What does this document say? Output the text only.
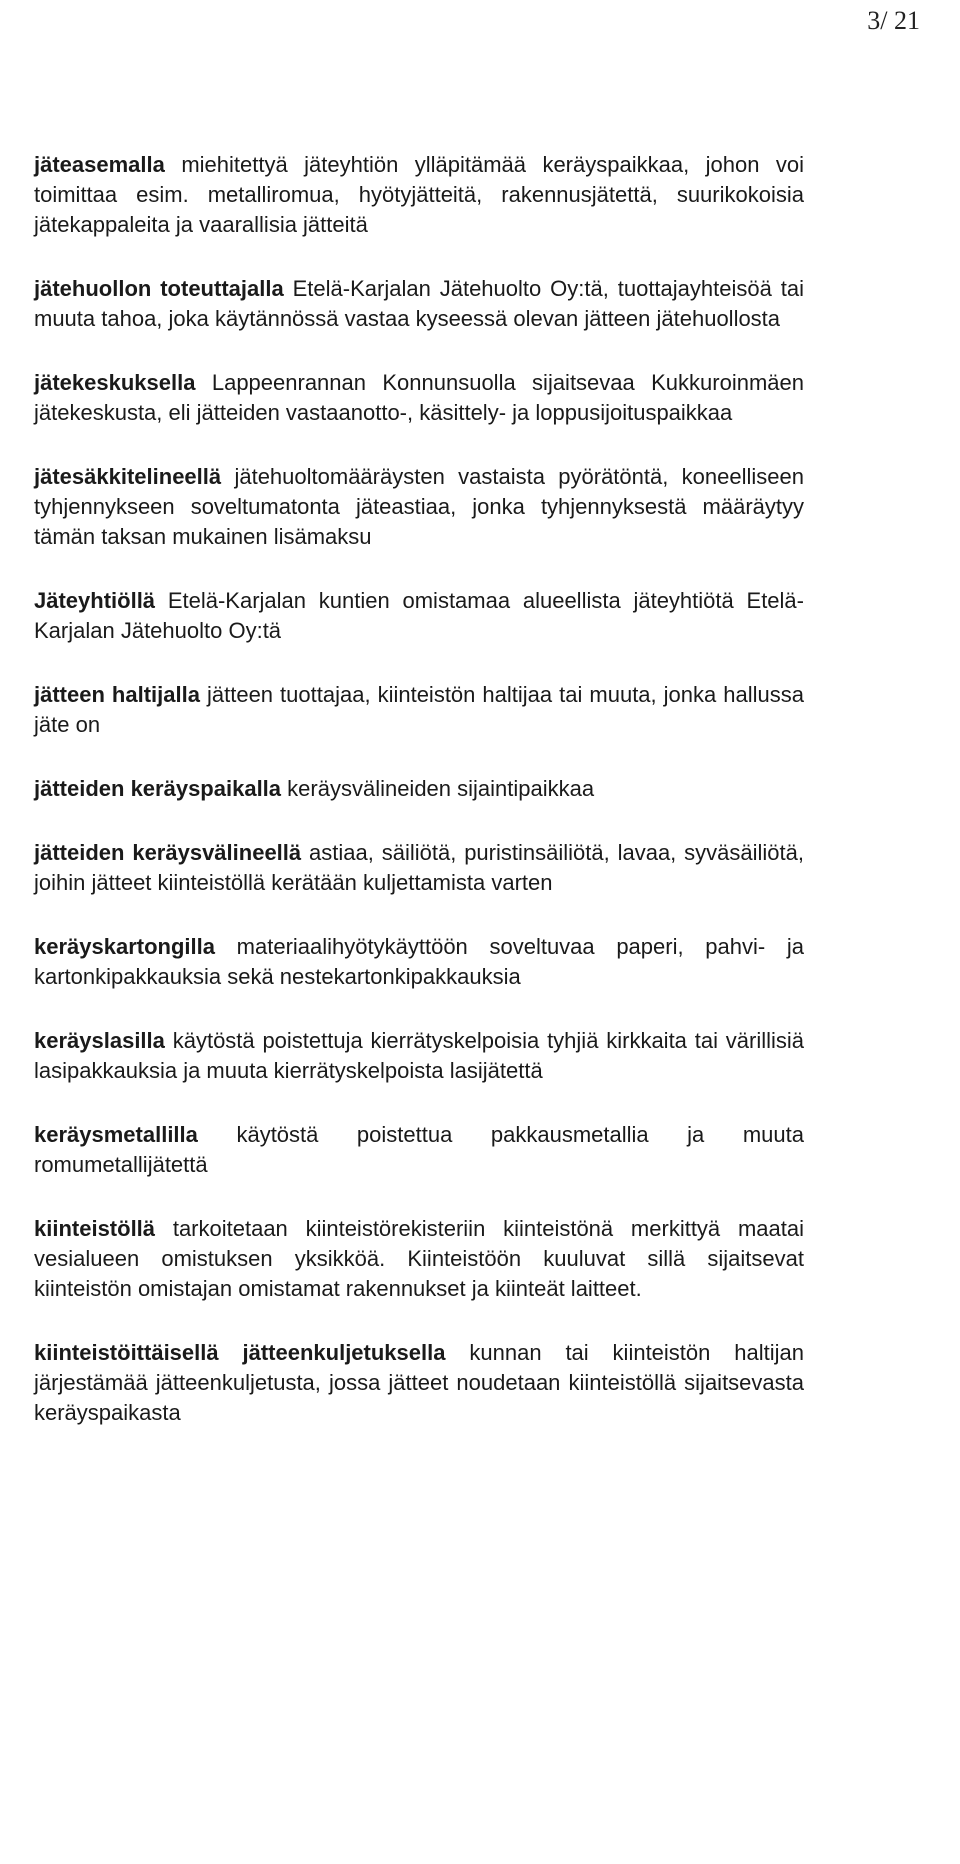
3/ 21

jäteasemalla miehitettyä jäteyhtiön ylläpitämää keräyspaikkaa, johon voi toimittaa esim. metalliromua, hyötyjätteitä, rakennusjätettä, suurikokoisia jätekappaleita ja vaarallisia jätteitä

jätehuollon toteuttajalla Etelä-Karjalan Jätehuolto Oy:tä, tuottajayhteisöä tai muuta tahoa, joka käytännössä vastaa kyseessä olevan jätteen jätehuollosta

jätekeskuksella Lappeenrannan Konnunsuolla sijaitsevaa Kukkuroinmäen jätekeskusta, eli jätteiden vastaanotto-, käsittely- ja loppusijoituspaikkaa

jätesäkkitelineellä jätehuoltomääräysten vastaista pyörätöntä, koneelliseen tyhjennykseen soveltumatonta jäteastiaa, jonka tyhjennyksestä määräytyy tämän taksan mukainen lisämaksu

Jäteyhtiöllä Etelä-Karjalan kuntien omistamaa alueellista jäteyhtiötä Etelä-Karjalan Jätehuolto Oy:tä

jätteen haltijalla jätteen tuottajaa, kiinteistön haltijaa tai muuta, jonka hallussa jäte on

jätteiden keräyspaikalla keräysvälineiden sijaintipaikkaa

jätteiden keräysvälineellä astiaa, säiliötä, puristinsäiliötä, lavaa, syväsäiliötä, joihin jätteet kiinteistöllä kerätään kuljettamista varten

keräyskartongilla materiaalihyötykäyttöön soveltuvaa paperi, pahvi- ja kartonkipakkauksia sekä nestekartonkipakkauksia

keräyslasilla käytöstä poistettuja kierrätyskelpoisia tyhjiä kirkkaita tai värillisiä lasipakkauksia ja muuta kierrätyskelpoista lasijätettä

keräysmetallilla käytöstä poistettua pakkausmetallia ja muuta romumetallijätettä

kiinteistöllä tarkoitetaan kiinteistörekisteriin kiinteistönä merkittyä maatai vesialueen omistuksen yksikköä. Kiinteistöön kuuluvat sillä sijaitsevat kiinteistön omistajan omistamat rakennukset ja kiinteät laitteet.

kiinteistöittäisellä jätteenkuljetuksella kunnan tai kiinteistön haltijan järjestämää jätteenkuljetusta, jossa jätteet noudetaan kiinteistöllä sijaitsevasta keräyspaikasta
